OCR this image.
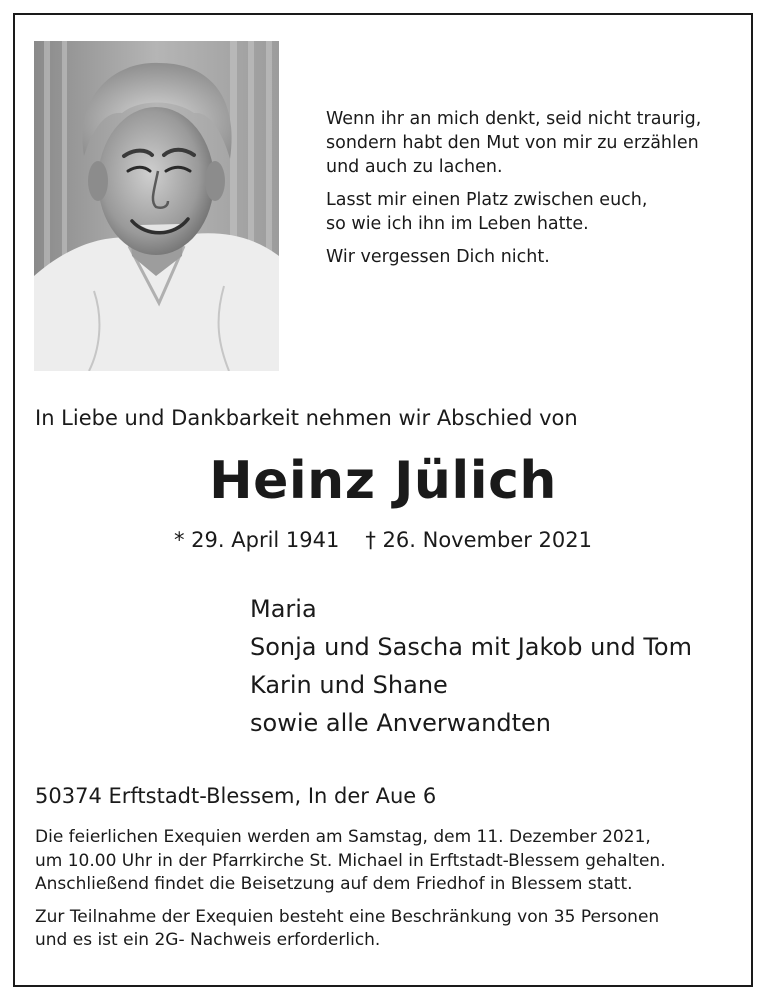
Wenn ihr an mich denkt, seid nicht traurig,
sondern habt den Mut von mir zu erzählen
und auch zu lachen.

Lasst mir einen Platz zwischen euch,
so wie ich ihn im Leben hatte.

Wir vergessen Dich nicht.

In Liebe und Dankbarkeit nehmen wir Abschied von
Heinz Jülich
* 29. April 1941 † 26. November 2021
Maria
Sonja und Sascha mit Jakob und Tom
Karin und Shane
sowie alle Anverwandten
50374 Erftstadt-Blessem, In der Aue 6

Die feierlichen Exequien werden am Samstag, dem 11. Dezember 2021,
um 10.00 Uhr in der Pfarrkirche St. Michael in Erftstadt-Blessem gehalten.
Anschließend findet die Beisetzung auf dem Friedhof in Blessem statt.

Zur Teilnahme der Exequien besteht eine Beschränkung von 35 Personen
und es ist ein 2G- Nachweis erforderlich.
